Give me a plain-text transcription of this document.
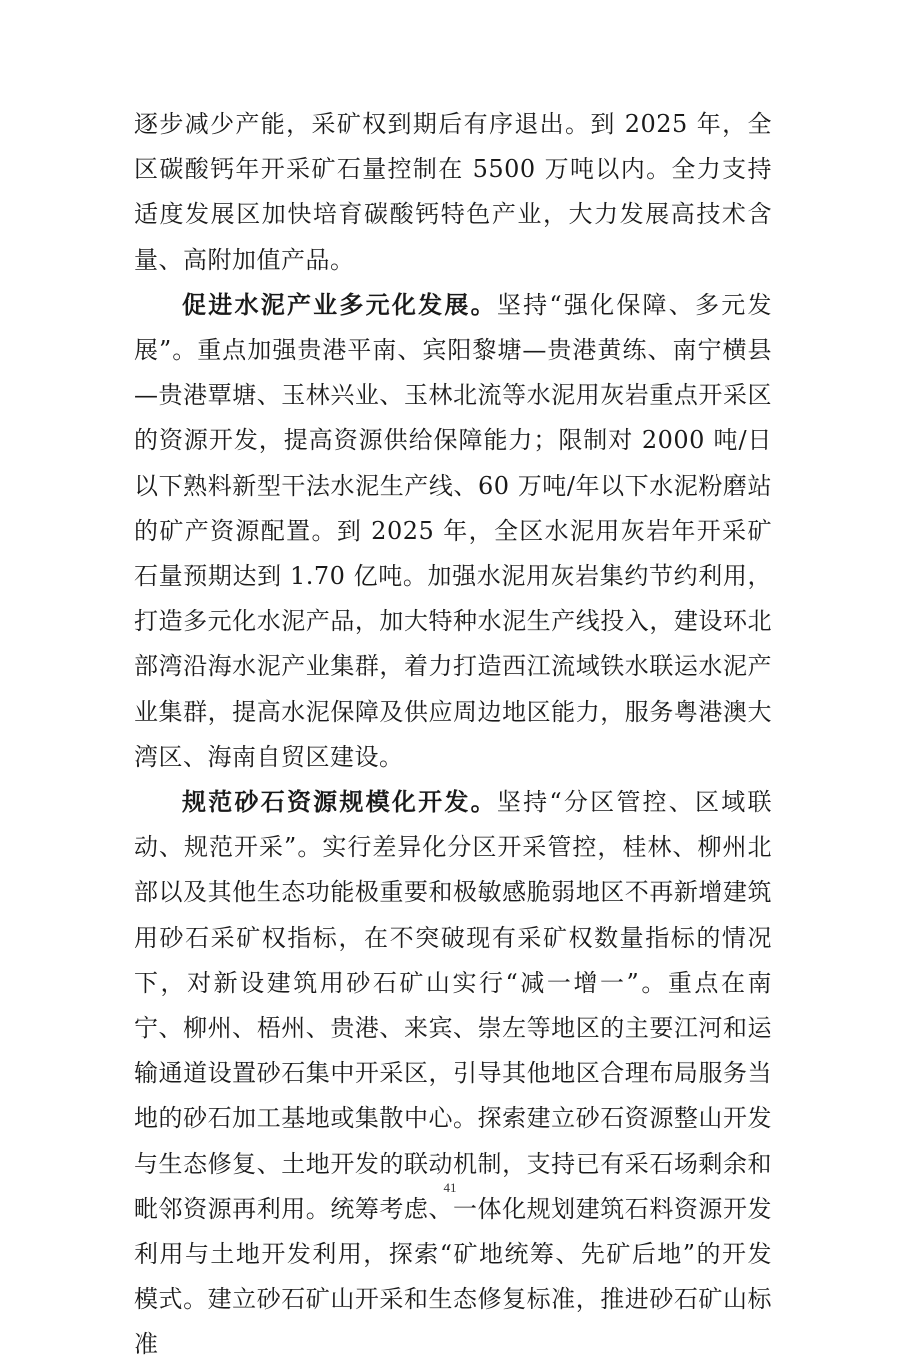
逐步减少产能，采矿权到期后有序退出。到 2025 年，全区碳酸钙年开采矿石量控制在 5500 万吨以内。全力支持适度发展区加快培育碳酸钙特色产业，大力发展高技术含量、高附加值产品。

促进水泥产业多元化发展。坚持“强化保障、多元发展”。重点加强贵港平南、宾阳黎塘—贵港黄练、南宁横县—贵港覃塘、玉林兴业、玉林北流等水泥用灰岩重点开采区的资源开发，提高资源供给保障能力；限制对 2000 吨/日以下熟料新型干法水泥生产线、60 万吨/年以下水泥粉磨站的矿产资源配置。到 2025 年，全区水泥用灰岩年开采矿石量预期达到 1.70 亿吨。加强水泥用灰岩集约节约利用，打造多元化水泥产品，加大特种水泥生产线投入，建设环北部湾沿海水泥产业集群，着力打造西江流域铁水联运水泥产业集群，提高水泥保障及供应周边地区能力，服务粤港澳大湾区、海南自贸区建设。

规范砂石资源规模化开发。坚持“分区管控、区域联动、规范开采”。实行差异化分区开采管控，桂林、柳州北部以及其他生态功能极重要和极敏感脆弱地区不再新增建筑用砂石采矿权指标，在不突破现有采矿权数量指标的情况下，对新设建筑用砂石矿山实行“减一增一”。重点在南宁、柳州、梧州、贵港、来宾、崇左等地区的主要江河和运输通道设置砂石集中开采区，引导其他地区合理布局服务当地的砂石加工基地或集散中心。探索建立砂石资源整山开发与生态修复、土地开发的联动机制，支持已有采石场剩余和毗邻资源再利用。统筹考虑、一体化规划建筑石料资源开发利用与土地开发利用，探索“矿地统筹、先矿后地”的开发模式。建立砂石矿山开采和生态修复标准，推进砂石矿山标准

41
